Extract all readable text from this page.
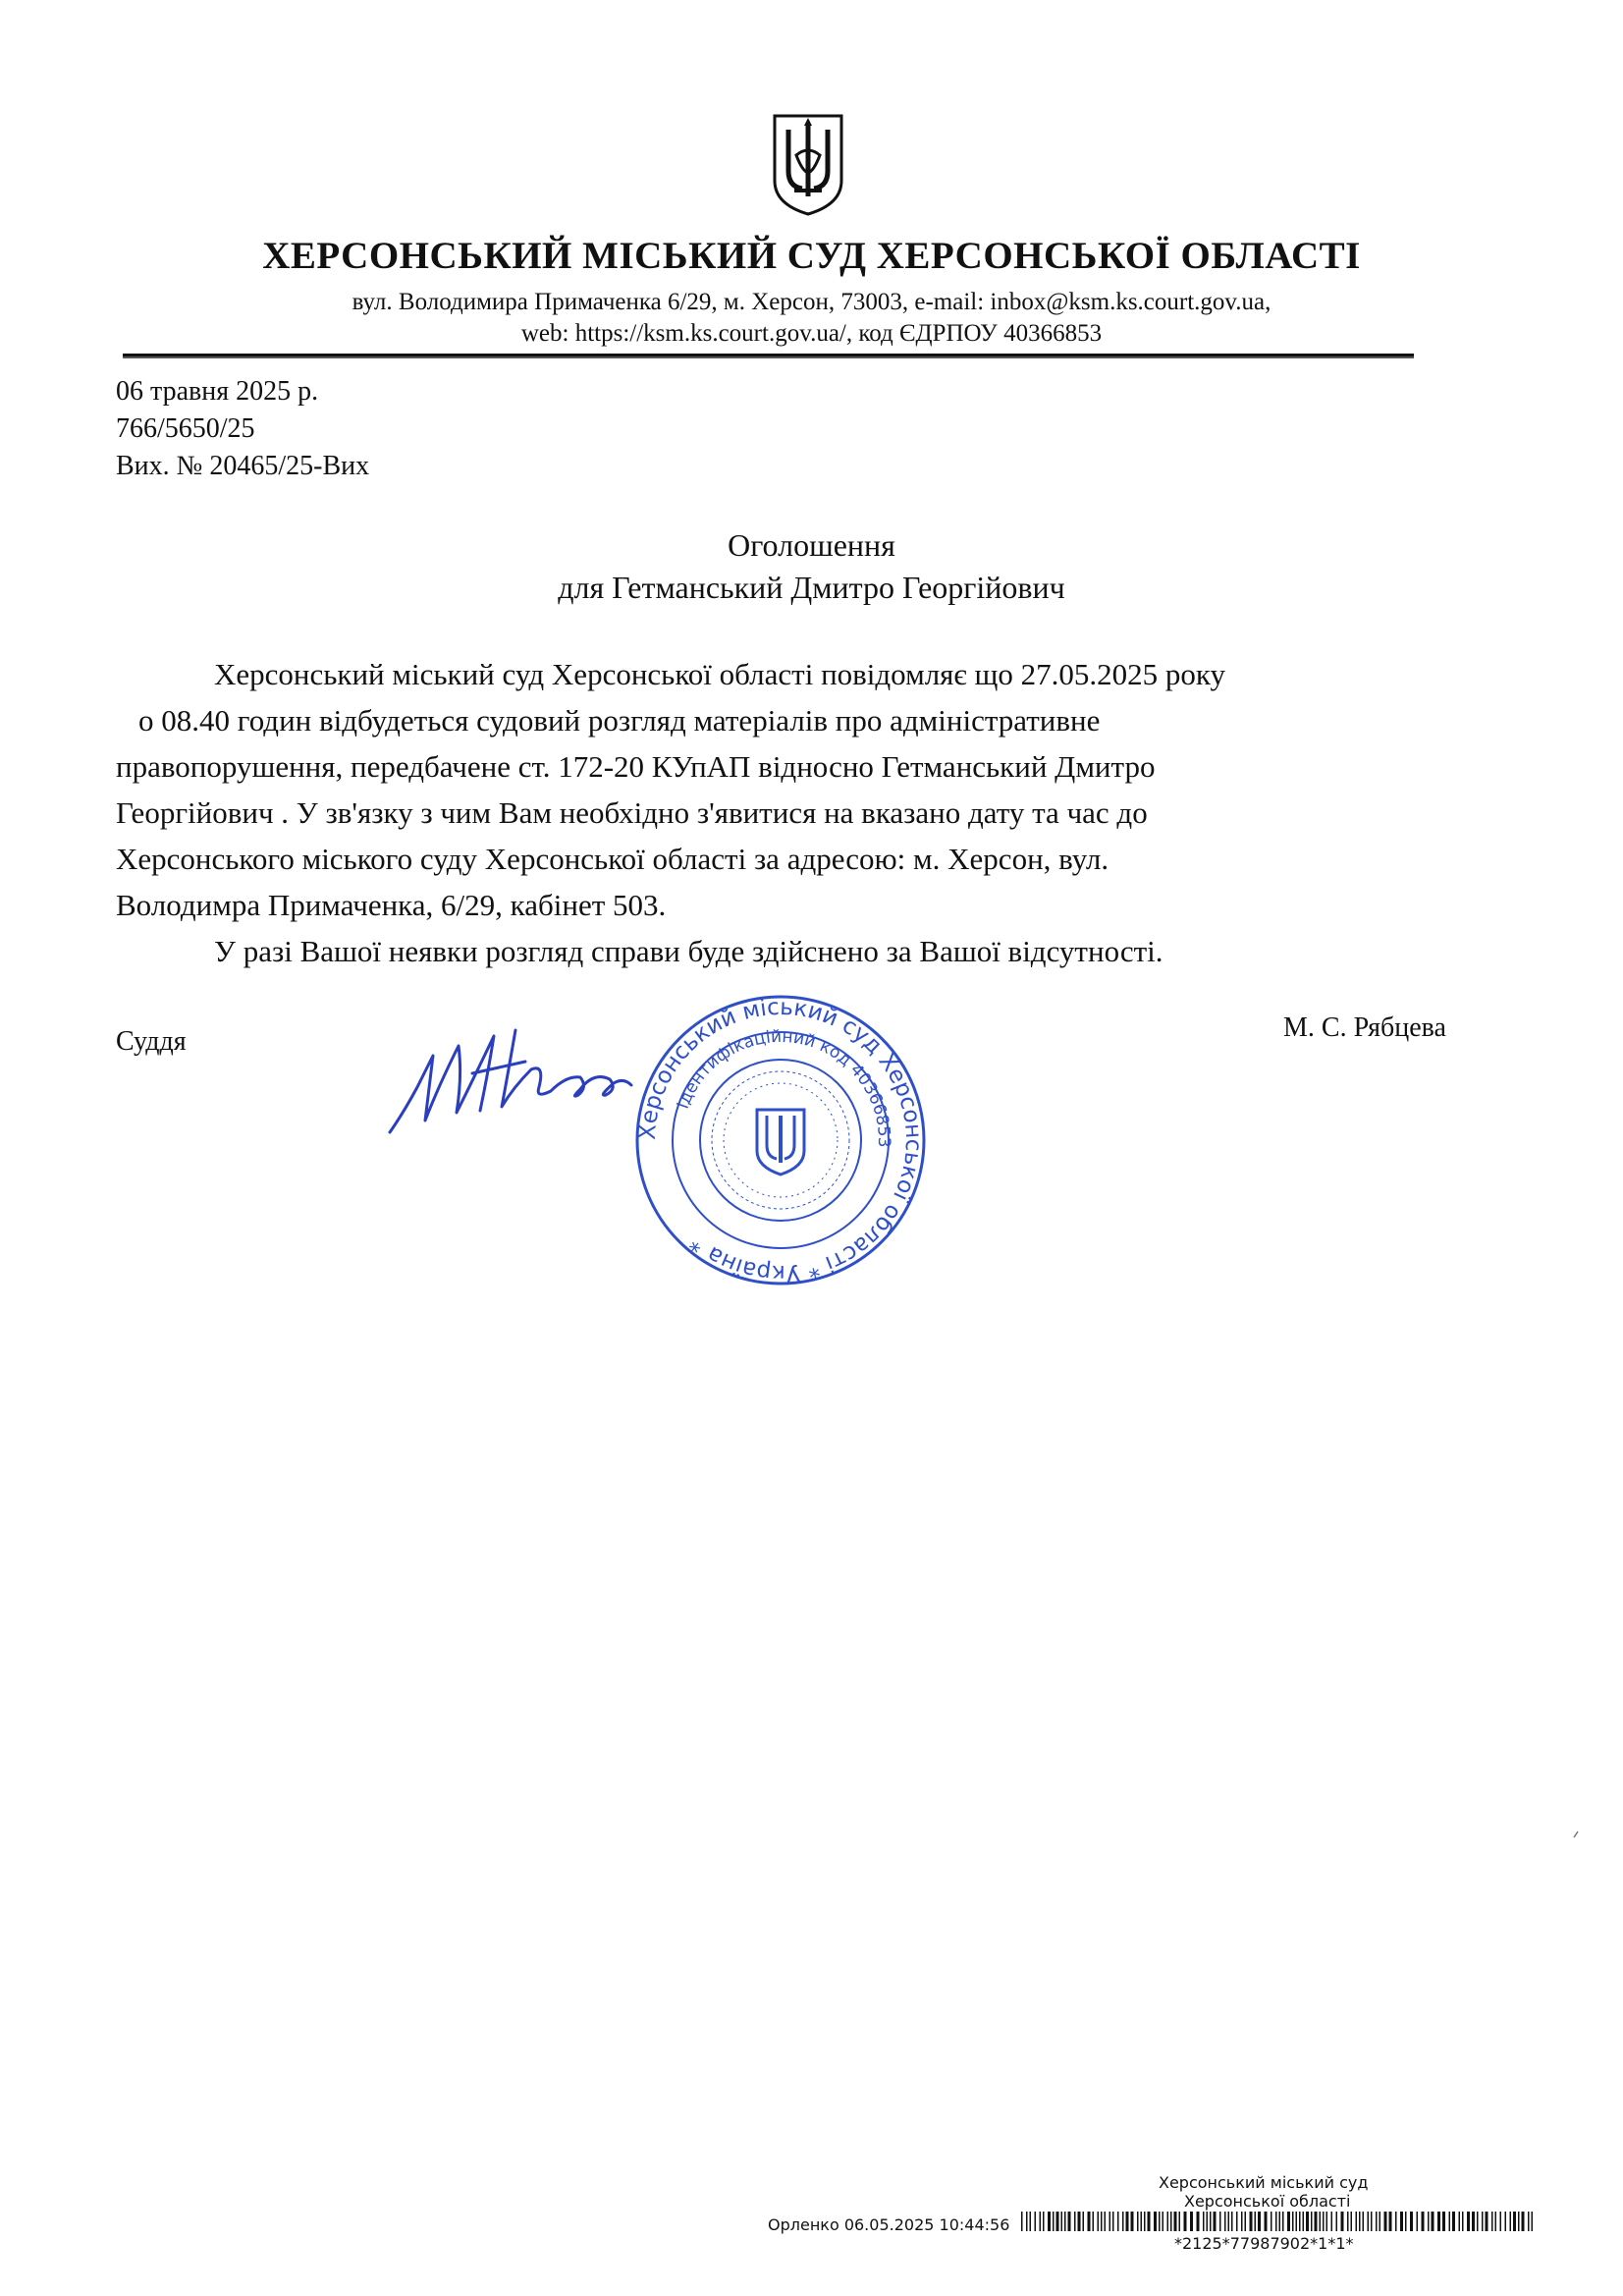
ХЕРСОНСЬКИЙ МІСЬКИЙ СУД ХЕРСОНСЬКОЇ ОБЛАСТІ
вул. Володимира Примаченка 6/29, м. Херсон, 73003, e-mail: inbox@ksm.ks.court.gov.ua,
web: https://ksm.ks.court.gov.ua/, код ЄДРПОУ 40366853
06 травня 2025 р.
766/5650/25
Вих. № 20465/25-Вих
Оголошення
для Гетманський Дмитро Георгійович
Херсонський міський суд Херсонської області повідомляє що 27.05.2025 року
о 08.40 годин відбудеться судовий розгляд матеріалів про адміністративне
правопорушення, передбачене ст. 172-20 КУпАП відносно Гетманський Дмитро
Георгійович . У зв'язку з чим Вам необхідно з'явитися на вказано дату та час до
Херсонського міського суду Херсонської області за адресою: м. Херсон, вул.
Володимра Примаченка, 6/29, кабінет 503.
У разі Вашої неявки розгляд справи буде здійснено за Вашої відсутності.
Суддя
Херсонський міський суд Херсонської області * Україна *
Ідентифікаційний код 40366853
М. С. Рябцева
Херсонський міський суд
Херсонської області
Орленко 06.05.2025 10:44:56
*2125*77987902*1*1*
